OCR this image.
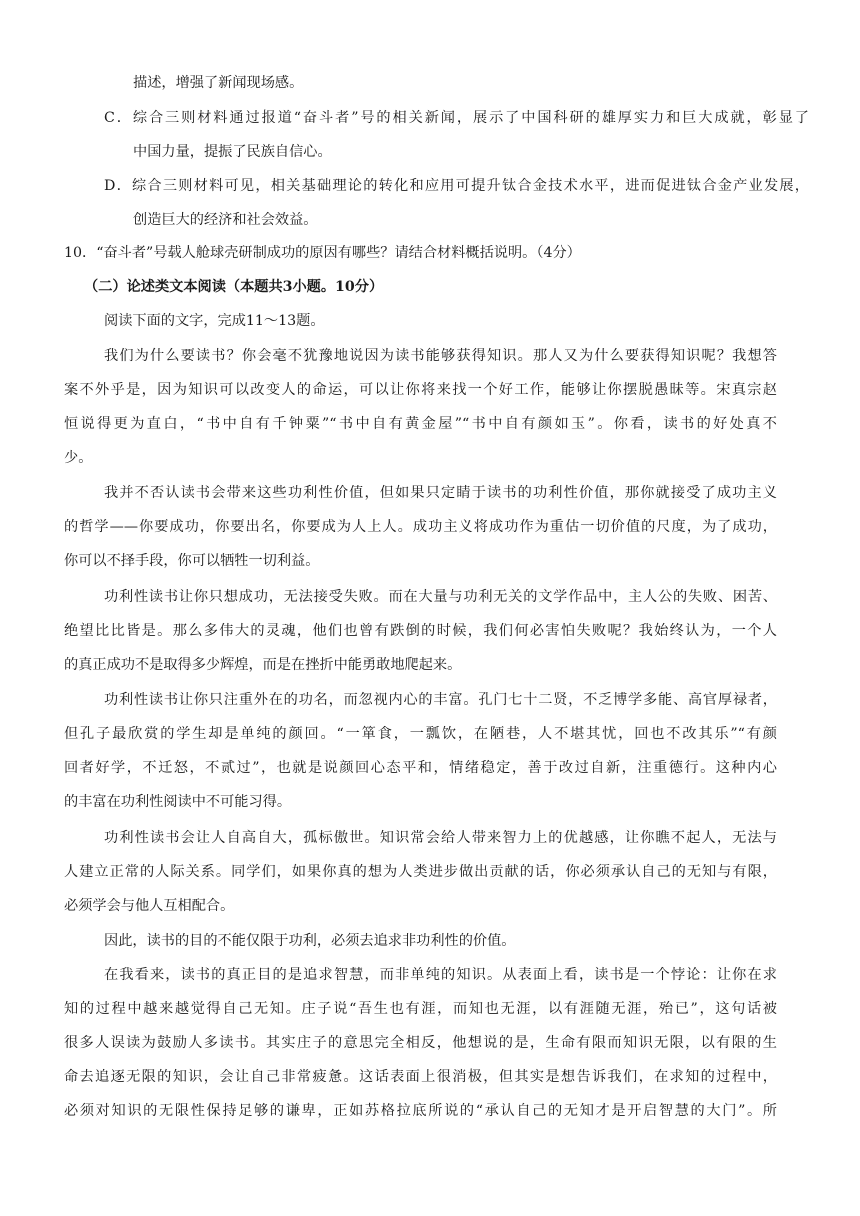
描述，增强了新闻现场感。
C．综合三则材料通过报道“奋斗者”号的相关新闻，展示了中国科研的雄厚实力和巨大成就，彰显了
中国力量，提振了民族自信心。
D．综合三则材料可见，相关基础理论的转化和应用可提升钛合金技术水平，进而促进钛合金产业发展，
创造巨大的经济和社会效益。
10．“奋斗者”号载人舱球壳研制成功的原因有哪些？请结合材料概括说明。（4分）
（二）论述类文本阅读（本题共3小题。10分）
阅读下面的文字，完成11～13题。
我们为什么要读书？你会毫不犹豫地说因为读书能够获得知识。那人又为什么要获得知识呢？我想答
案不外乎是，因为知识可以改变人的命运，可以让你将来找一个好工作，能够让你摆脱愚昧等。宋真宗赵
恒说得更为直白，“书中自有千钟粟”“书中自有黄金屋”“书中自有颜如玉”。你看，读书的好处真不
少。
我并不否认读书会带来这些功利性价值，但如果只定睛于读书的功利性价值，那你就接受了成功主义
的哲学——你要成功，你要出名，你要成为人上人。成功主义将成功作为重估一切价值的尺度，为了成功，
你可以不择手段，你可以牺牲一切利益。
功利性读书让你只想成功，无法接受失败。而在大量与功利无关的文学作品中，主人公的失败、困苦、
绝望比比皆是。那么多伟大的灵魂，他们也曾有跌倒的时候，我们何必害怕失败呢？我始终认为，一个人
的真正成功不是取得多少辉煌，而是在挫折中能勇敢地爬起来。
功利性读书让你只注重外在的功名，而忽视内心的丰富。孔门七十二贤，不乏博学多能、高官厚禄者，
但孔子最欣赏的学生却是单纯的颜回。“一箪食，一瓢饮，在陋巷，人不堪其忧，回也不改其乐”“有颜
回者好学，不迁怒，不贰过”，也就是说颜回心态平和，情绪稳定，善于改过自新，注重德行。这种内心
的丰富在功利性阅读中不可能习得。
功利性读书会让人自高自大，孤标傲世。知识常会给人带来智力上的优越感，让你瞧不起人，无法与
人建立正常的人际关系。同学们，如果你真的想为人类进步做出贡献的话，你必须承认自己的无知与有限，
必须学会与他人互相配合。
因此，读书的目的不能仅限于功利，必须去追求非功利性的价值。
在我看来，读书的真正目的是追求智慧，而非单纯的知识。从表面上看，读书是一个悖论：让你在求
知的过程中越来越觉得自己无知。庄子说“吾生也有涯，而知也无涯，以有涯随无涯，殆已”，这句话被
很多人误读为鼓励人多读书。其实庄子的意思完全相反，他想说的是，生命有限而知识无限，以有限的生
命去追逐无限的知识，会让自己非常疲惫。这话表面上很消极，但其实是想告诉我们，在求知的过程中，
必须对知识的无限性保持足够的谦卑，正如苏格拉底所说的“承认自己的无知才是开启智慧的大门”。所
